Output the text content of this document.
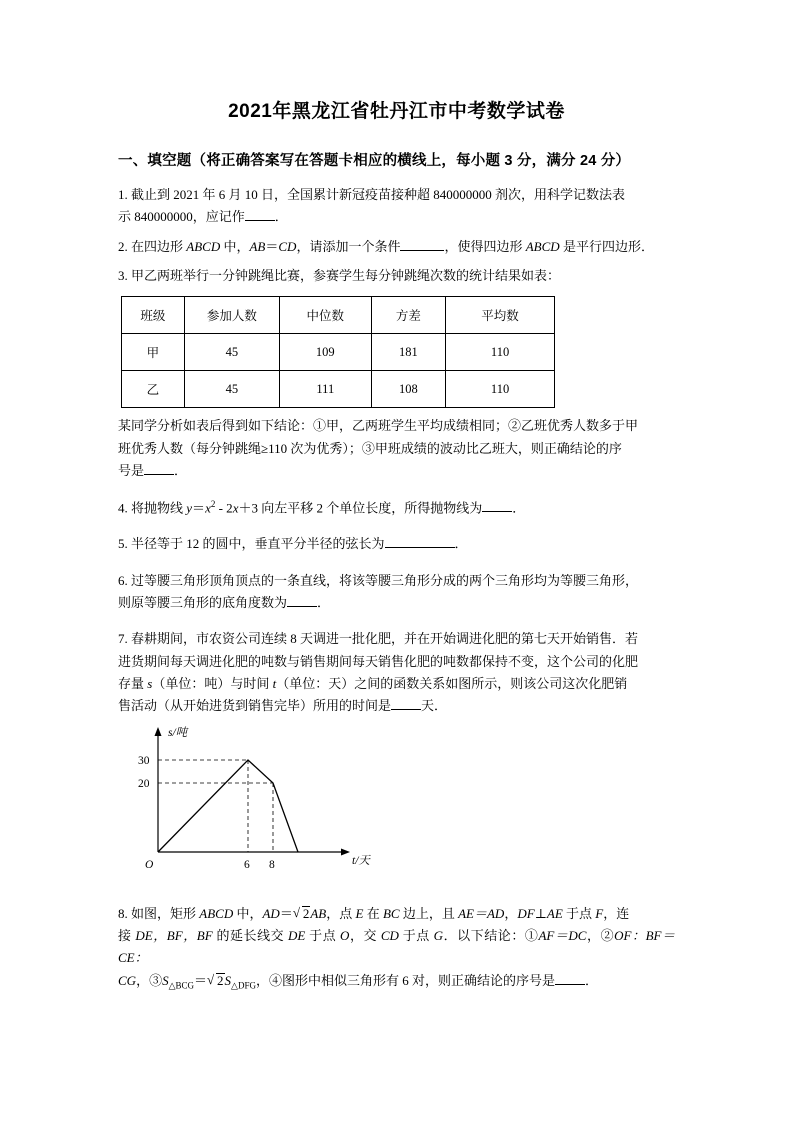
2021年黑龙江省牡丹江市中考数学试卷
一、填空题（将正确答案写在答题卡相应的横线上，每小题 3 分，满分 24 分）
1. 截止到 2021 年 6 月 10 日，全国累计新冠疫苗接种超 840000000 剂次，用科学记数法表
示 840000000，应记作 ．
2. 在四边形 ABCD 中，AB＝CD，请添加一个条件	，使得四边形 ABCD 是平行四边形．
3. 甲乙两班举行一分钟跳绳比赛，参赛学生每分钟跳绳次数的统计结果如表：
班级	参加人数	中位数	方差	平均数
甲	45	109	181	110
乙	45	111	108	110
某同学分析如表后得到如下结论：①甲，乙两班学生平均成绩相同；②乙班优秀人数多于甲
班优秀人数（每分钟跳绳≥110 次为优秀）；③甲班成绩的波动比乙班大，则正确结论的序
号是 ．
4. 将抛物线 $y=x^2 - 2x+3$ 向左平移 2 个单位长度，所得抛物线为 ．
5. 半径等于 12 的圆中，垂直平分半径的弦长为	．
6. 过等腰三角形顶角顶点的一条直线，将该等腰三角形分成的两个三角形均为等腰三角形，
则原等腰三角形的底角度数为 ．
7. 春耕期间，市农资公司连续 8 天调进一批化肥，并在开始调进化肥的第七天开始销售．若
进货期间每天调进化肥的吨数与销售期间每天销售化肥的吨数都保持不变，这个公司的化肥
存量 s（单位：吨）与时间 t（单位：天）之间的函数关系如图所示，则该公司这次化肥销
售活动（从开始进货到销售完毕）所用的时间是 天．
s/吨
t/天
30
20
6 8
O
8. 如图，矩形 ABCD 中，AD＝ √ 2AB，点 E 在 BC 边上，且 AE＝AD，DF⊥AE 于点 F，连
接 DE，BF，BF 的延长线交 DE 于点 O，交 CD 于点 G．以下结论：①AF＝DC，②OF：BF＝CE：
CG，$③S_{\triangle BCG}=$ √ $2S_{\triangle DFG}$，④图形中相似三角形有 6 对，则正确结论的序号是 ．
